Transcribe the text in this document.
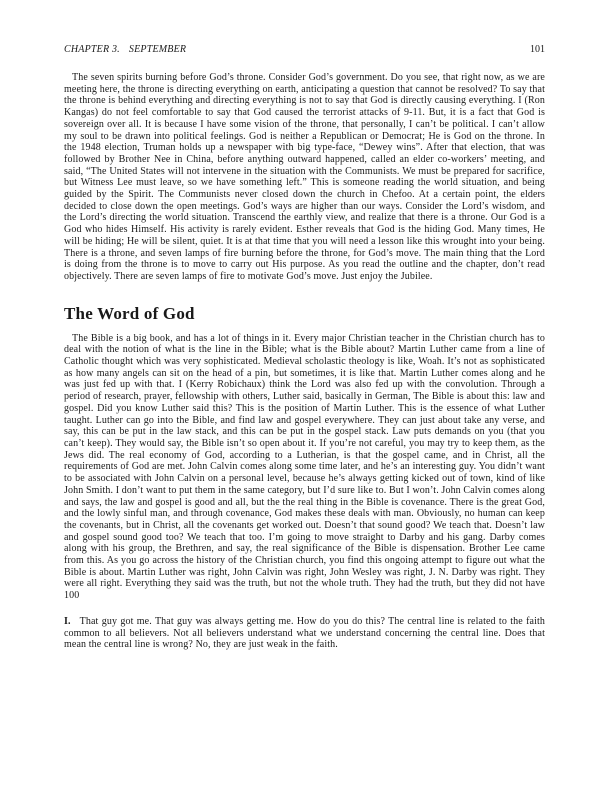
CHAPTER 3. SEPTEMBER	101

The seven spirits burning before God’s throne. Consider God’s government. Do you see, that right now, as we are meeting here, the throne is directing everything on earth, anticipating a question that cannot be resolved? To say that the throne is behind everything and directing everything is not to say that God is directly causing everything. I (Ron Kangas) do not feel comfortable to say that God caused the terrorist attacks of 9-11. But, it is a fact that God is sovereign over all. It is because I have some vision of the throne, that personally, I can’t be political. I can’t allow my soul to be drawn into political feelings. God is neither a Republican or Democrat; He is God on the throne. In the 1948 election, Truman holds up a newspaper with big type-face, “Dewey wins”. After that election, that was followed by Brother Nee in China, before anything outward happened, called an elder co-workers’ meeting, and said, “The United States will not intervene in the situation with the Communists. We must be prepared for sacrifice, but Witness Lee must leave, so we have something left.” This is someone reading the world situation, and being guided by the Spirit. The Communists never closed down the church in Chefoo. At a certain point, the elders decided to close down the open meetings. God’s ways are higher than our ways. Consider the Lord’s wisdom, and the Lord’s directing the world situation. Transcend the earthly view, and realize that there is a throne. Our God is a God who hides Himself. His activity is rarely evident. Esther reveals that God is the hiding God. Many times, He will be hiding; He will be silent, quiet. It is at that time that you will need a lesson like this wrought into your being. There is a throne, and seven lamps of fire burning before the throne, for God’s move. The main thing that the Lord is doing from the throne is to move to carry out His purpose. As you read the outline and the chapter, don’t read objectively. There are seven lamps of fire to motivate God’s move. Just enjoy the Jubilee.

The Word of God

The Bible is a big book, and has a lot of things in it. Every major Christian teacher in the Christian church has to deal with the notion of what is the line in the Bible; what is the Bible about? Martin Luther came from a line of Catholic thought which was very sophisticated. Medieval scholastic theology is like, Woah. It’s not as sophisticated as how many angels can sit on the head of a pin, but sometimes, it is like that. Martin Luther comes along and he was just fed up with that. I (Kerry Robichaux) think the Lord was also fed up with the convolution. Through a period of research, prayer, fellowship with others, Luther said, basically in German, The Bible is about this: law and gospel. Did you know Luther said this? This is the position of Martin Luther. This is the essence of what Luther taught. Luther can go into the Bible, and find law and gospel everywhere. They can just about take any verse, and say, this can be put in the law stack, and this can be put in the gospel stack. Law puts demands on you (that you can’t keep). They would say, the Bible isn’t so open about it. If you’re not careful, you may try to keep them, as the Jews did. The real economy of God, according to a Lutherian, is that the gospel came, and in Christ, all the requirements of God are met. John Calvin comes along some time later, and he’s an interesting guy. You didn’t want to be associated with John Calvin on a personal level, because he’s always getting kicked out of town, kind of like John Smith. I don’t want to put them in the same category, but I’d sure like to. But I won’t. John Calvin comes along and says, the law and gospel is good and all, but the the real thing in the Bible is covenance. There is the great God, and the lowly sinful man, and through covenance, God makes these deals with man. Obviously, no human can keep the covenants, but in Christ, all the covenants get worked out. Doesn’t that sound good? We teach that. Doesn’t law and gospel sound good too? We teach that too. I’m going to move straight to Darby and his gang. Darby comes along with his group, the Brethren, and say, the real significance of the Bible is dispensation. Brother Lee came from this. As you go across the history of the Christian church, you find this ongoing attempt to figure out what the Bible is about. Martin Luther was right, John Calvin was right, John Wesley was right, J. N. Darby was right. They were all right. Everything they said was the truth, but not the whole truth. They had the truth, but they did not have 100

I. That guy got me. That guy was always getting me. How do you do this? The central line is related to the faith common to all believers. Not all believers understand what we understand concerning the central line. Does that mean the central line is wrong? No, they are just weak in the faith.
